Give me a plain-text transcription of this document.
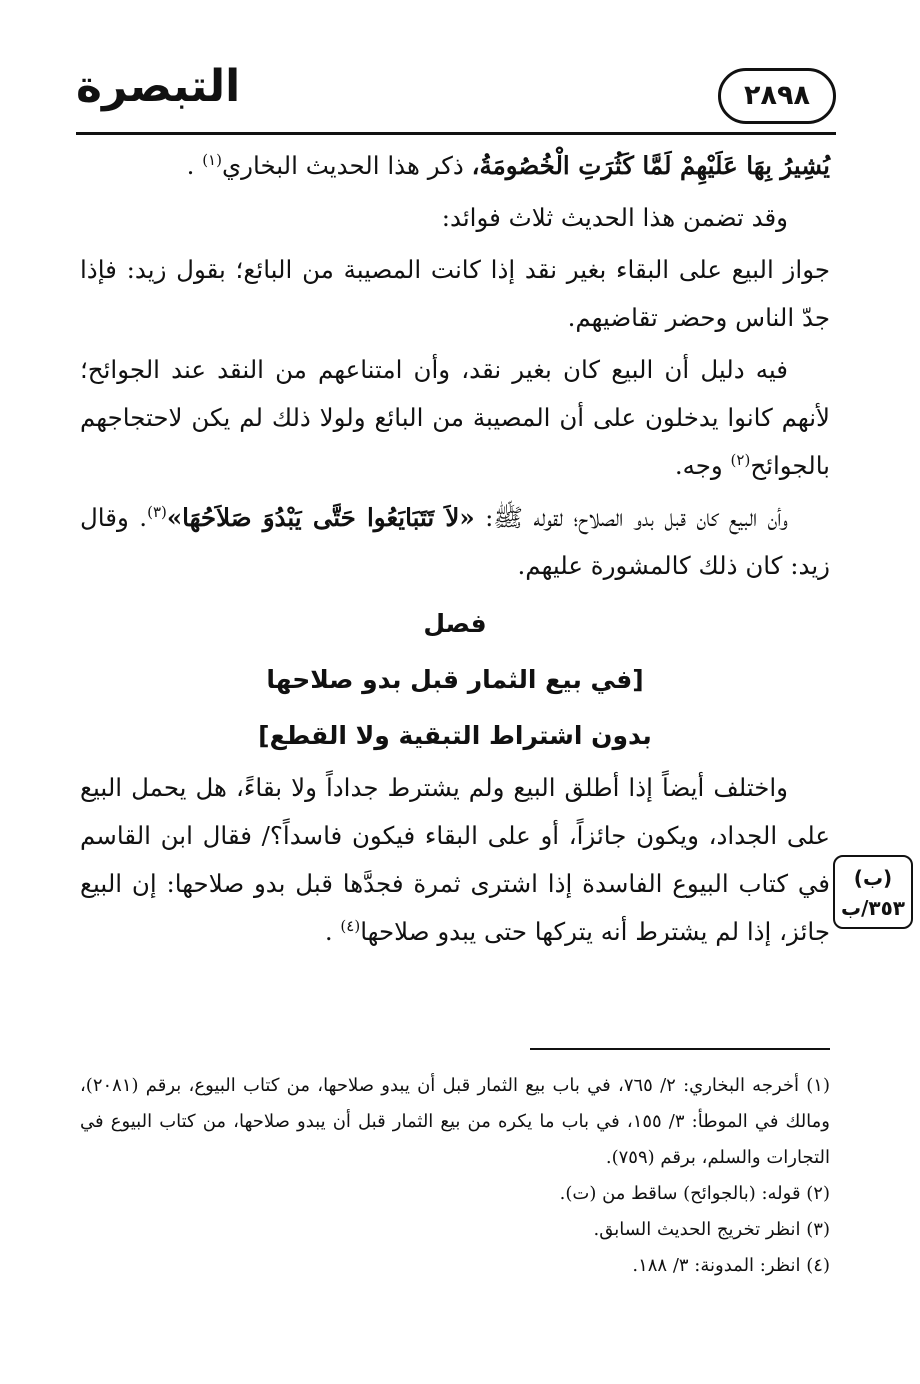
التبصرة	٢٨٩٨

يُشِيرُ بِهَا عَلَيْهِمْ لَمَّا كَثُرَتِ الْخُصُومَةُ، ذكر هذا الحديث البخاري$^{(١)}$ .

وقد تضمن هذا الحديث ثلاث فوائد:

جواز البيع على البقاء بغير نقد إذا كانت المصيبة من البائع؛ بقول زيد: فإذا جدّ الناس وحضر تقاضيهم.

فيه دليل أن البيع كان بغير نقد، وأن امتناعهم من النقد عند الجوائح؛ لأنهم كانوا يدخلون على أن المصيبة من البائع ولولا ذلك لم يكن لاحتجاجهم بالجوائح$^{(٢)}$ وجه.

وأن البيع كان قبل بدو الصلاح؛ لقوله ﷺ: «لاَ تَتَبَايَعُوا حَتَّى يَبْدُوَ صَلاَحُهَا»$^{(٣)}$. وقال زيد: كان ذلك كالمشورة عليهم.

فصل

[في بيع الثمار قبل بدو صلاحها

بدون اشتراط التبقية ولا القطع]

واختلف أيضاً إذا أطلق البيع ولم يشترط جداداً ولا بقاءً، هل يحمل البيع على الجداد، ويكون جائزاً، أو على البقاء فيكون فاسداً؟/ فقال ابن القاسم في كتاب البيوع الفاسدة إذا اشترى ثمرة فجدَّها قبل بدو صلاحها: إن البيع جائز، إذا لم يشترط أنه يتركها حتى يبدو صلاحها$^{(٤)}$ .

(ب)
٣٥٣/ب

(١) أخرجه البخاري: ٢/ ٧٦٥، في باب بيع الثمار قبل أن يبدو صلاحها، من كتاب البيوع، برقم (٢٠٨١)، ومالك في الموطأ: ٣/ ١٥٥، في باب ما يكره من بيع الثمار قبل أن يبدو صلاحها، من كتاب البيوع في التجارات والسلم، برقم (٧٥٩).

(٢) قوله: (بالجوائح) ساقط من (ت).

(٣) انظر تخريج الحديث السابق.

(٤) انظر: المدونة: ٣/ ١٨٨.
